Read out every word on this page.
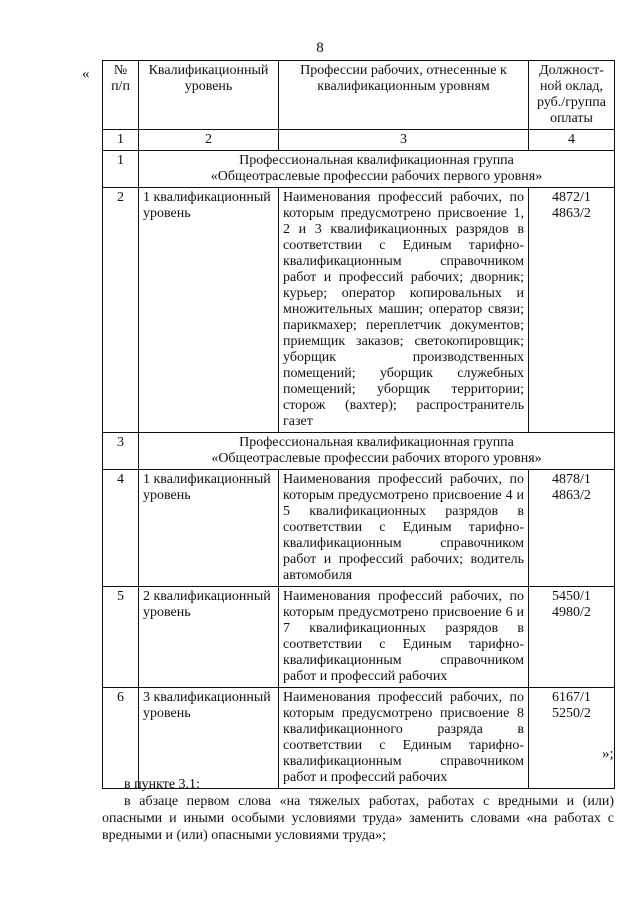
8
« № п/п	Квалификационный уровень	Профессии рабочих, отнесенные к квалификационным уровням	Должност-ной оклад, руб./группа оплаты
1	2	3	4
1	Профессиональная квалификационная группа
«Общеотраслевые профессии рабочих первого уровня»		

2	1 квалификационный уровень	Наименования профессий рабочих, по которым предусмотрено присвоение 1, 2 и 3 квалификационных разрядов в соответствии с Единым тарифно-квалификационным справочником работ и профессий рабочих; дворник; курьер; оператор копировальных и множительных машин; оператор связи; парикмахер; переплетчик документов; приемщик заказов; светокопировщик; уборщик производственных помещений; уборщик служебных помещений; уборщик территории; сторож (вахтер); распространитель газет	4872/1
4863/2

3	Профессиональная квалификационная группа
«Общеотраслевые профессии рабочих второго уровня»		

4	1 квалификационный уровень	Наименования профессий рабочих, по которым предусмотрено присвоение 4 и 5 квалификационных разрядов в соответствии с Единым тарифно-квалификационным справочником работ и профессий рабочих; водитель автомобиля	4878/1
4863/2

5	2 квалификационный уровень	Наименования профессий рабочих, по которым предусмотрено присвоение 6 и 7 квалификационных разрядов в соответствии с Единым тарифно-квалификационным справочником работ и профессий рабочих	5450/1
4980/2

6	3 квалификационный уровень	Наименования профессий рабочих, по которым предусмотрено присвоение 8 квалификационного разряда в соответствии с Единым тарифно-квалификационным справочником работ и профессий рабочих	6167/1
5250/2
»;

в пункте 3.1:

в абзаце первом слова «на тяжелых работах, работах с вредными и (или) опасными и иными особыми условиями труда» заменить словами «на работах с вредными и (или) опасными условиями труда»;
